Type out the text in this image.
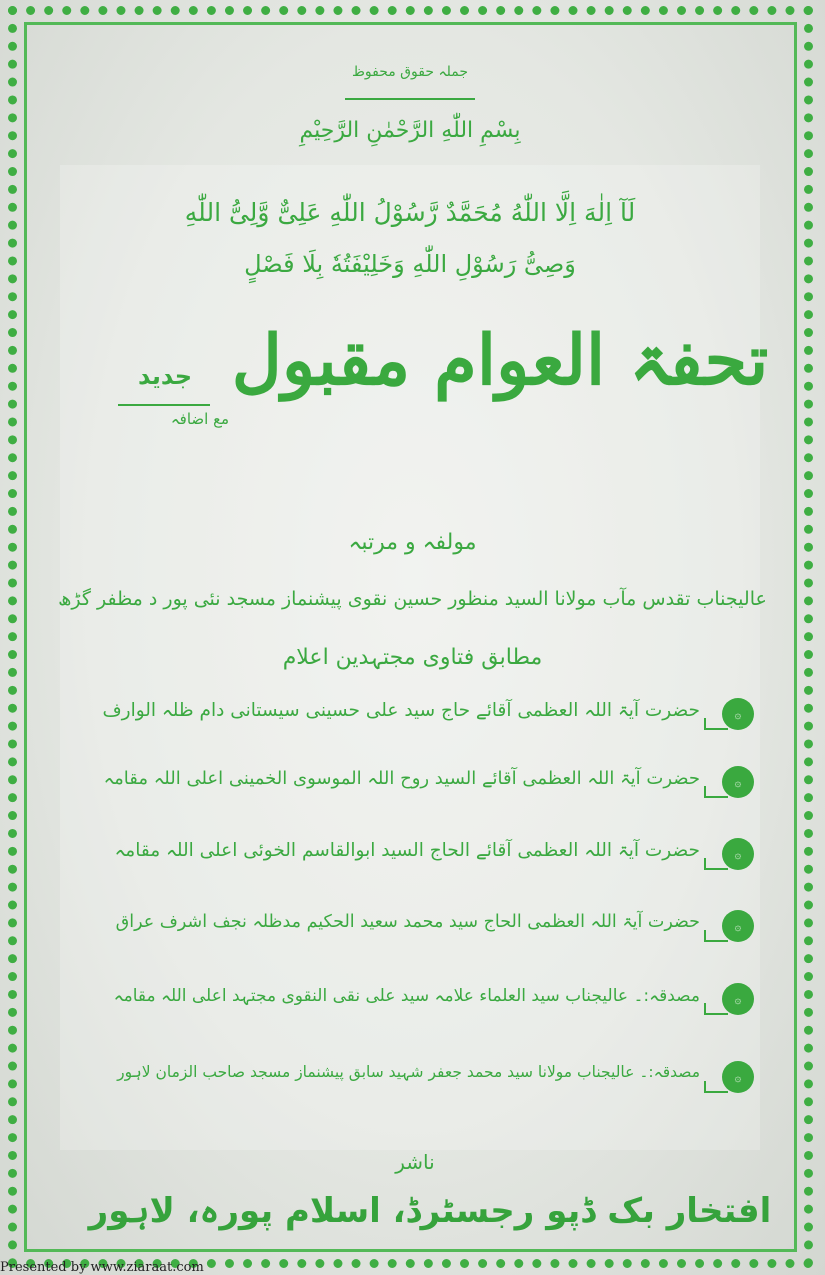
جملہ حقوق محفوظ
بِسْمِ اللّٰهِ الرَّحْمٰنِ الرَّحِيْمِ
لَآ اِلٰهَ اِلَّا اللّٰهُ مُحَمَّدٌ رَّسُوْلُ اللّٰهِ عَلِیٌّ وَّلِیُّ اللّٰهِ
وَصِیُّ رَسُوْلِ اللّٰهِ وَخَلِیْفَتُهٗ بِلَا فَصْلٍ
تحفۃ العوام مقبول
جدید
مع اضافہ
مولفہ و مرتبہ
عالیجناب تقدس مآب مولانا السید منظور حسین نقوی پیشنماز مسجد نئی پور د مظفر گڑھ
مطابق فتاوی مجتہدین اعلام
۞
حضرت آیۃ اللہ العظمی آقائے حاج سید علی حسینی سیستانی دام ظلہ الوارف
۞
حضرت آیۃ اللہ العظمی آقائے السید روح اللہ الموسوی الخمینی اعلی اللہ مقامہ
۞
حضرت آیۃ اللہ العظمی آقائے الحاج السید ابوالقاسم الخوئی اعلی اللہ مقامہ
۞
حضرت آیۃ اللہ العظمی الحاج سید محمد سعید الحکیم مدظلہ نجف اشرف عراق
۞
مصدقہ:۔ عالیجناب سید العلماء علامہ سید علی نقی النقوی مجتہد اعلی اللہ مقامہ
۞
مصدقہ:۔ عالیجناب مولانا سید محمد جعفر شہید سابق پیشنماز مسجد صاحب الزمان لاہور
ناشر
افتخار بک ڈپو رجسٹرڈ، اسلام پورہ، لاہور
Presented by www.ziaraat.com
